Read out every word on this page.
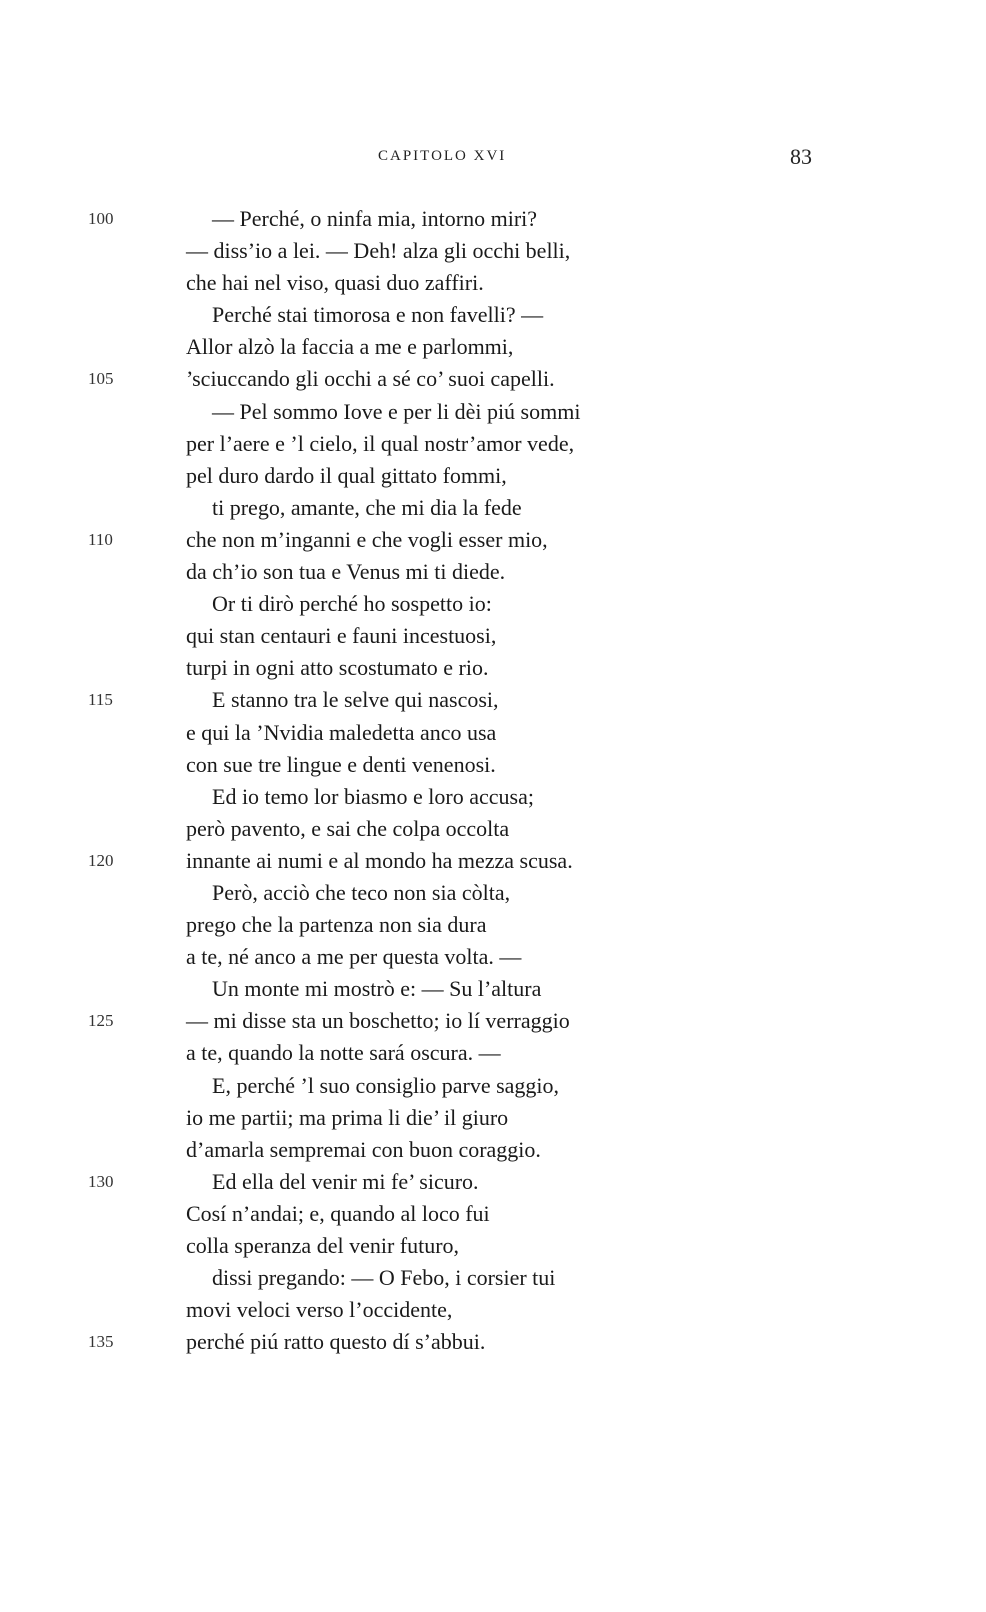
CAPITOLO XVI	83
100	— Perché, o ninfa mia, intorno miri?
— diss’io a lei. — Deh! alza gli occhi belli,
che hai nel viso, quasi duo zaffiri.
Perché stai timorosa e non favelli? —
Allor alzò la faccia a me e parlommi,
105	’sciuccando gli occhi a sé co’ suoi capelli.
— Pel sommo Iove e per li dèi piú sommi
per l’aere e ’l cielo, il qual nostr’amor vede,
pel duro dardo il qual gittato fommi,
ti prego, amante, che mi dia la fede
110	che non m’inganni e che vogli esser mio,
da ch’io son tua e Venus mi ti diede.
Or ti dirò perché ho sospetto io:
qui stan centauri e fauni incestuosi,
turpi in ogni atto scostumato e rio.
115	E stanno tra le selve qui nascosi,
e qui la ’Nvidia maledetta anco usa
con sue tre lingue e denti venenosi.
Ed io temo lor biasmo e loro accusa;
però pavento, e sai che colpa occolta
120	innante ai numi e al mondo ha mezza scusa.
Però, acciò che teco non sia còlta,
prego che la partenza non sia dura
a te, né anco a me per questa volta. —
Un monte mi mostrò e: — Su l’altura
125	— mi disse sta un boschetto; io lí verraggio
a te, quando la notte sará oscura. —
E, perché ’l suo consiglio parve saggio,
io me partii; ma prima li die’ il giuro
d’amarla sempremai con buon coraggio.
130	Ed ella del venir mi fe’ sicuro.
Cosí n’andai; e, quando al loco fui
colla speranza del venir futuro,
dissi pregando: — O Febo, i corsier tui
movi veloci verso l’occidente,
135	perché piú ratto questo dí s’abbui.
